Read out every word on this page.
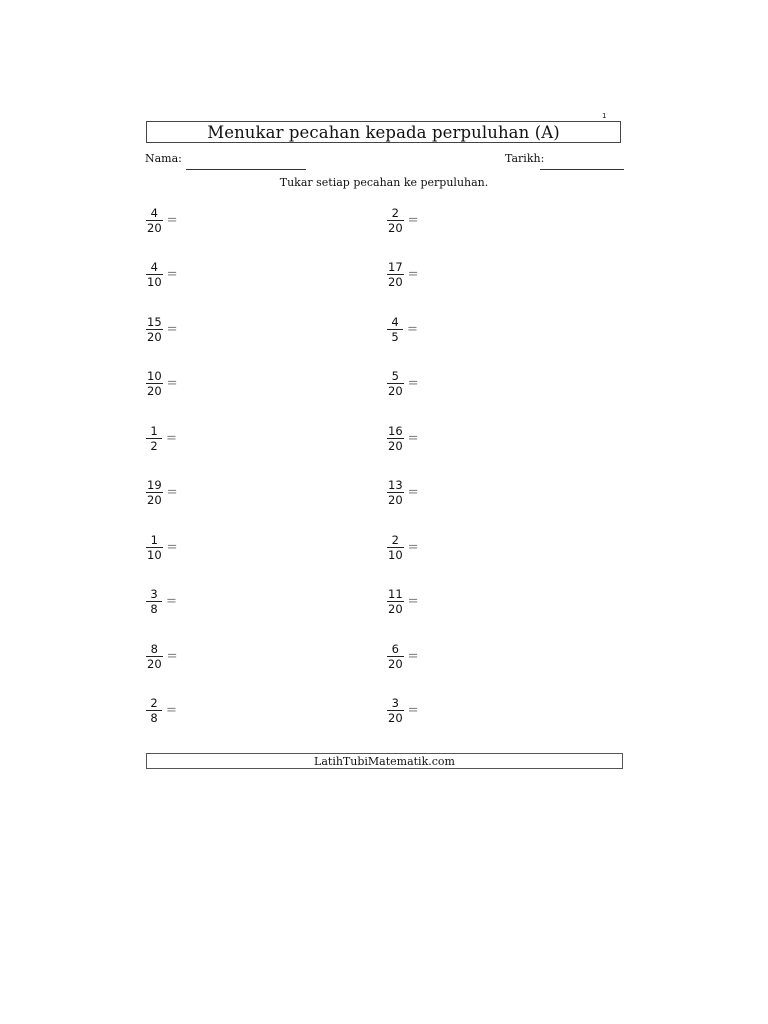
1
Menukar pecahan kepada perpuluhan (A)
Nama:	Tarikh:
Tukar setiap pecahan ke perpuluhan.
$\frac{4}{20}$ =
$\frac{4}{10}$ =
$\frac{15}{20}$ =
$\frac{10}{20}$ =
$\frac{1}{2}$ =
$\frac{19}{20}$ =
$\frac{1}{10}$ =
$\frac{3}{8}$ =
$\frac{8}{20}$ =
$\frac{2}{8}$ =
$\frac{2}{20}$ =
$\frac{17}{20}$ =
$\frac{4}{5}$ =
$\frac{5}{20}$ =
$\frac{16}{20}$ =
$\frac{13}{20}$ =
$\frac{2}{10}$ =
$\frac{11}{20}$ =
$\frac{6}{20}$ =
$\frac{3}{20}$ =
LatihTubiMatematik.com
